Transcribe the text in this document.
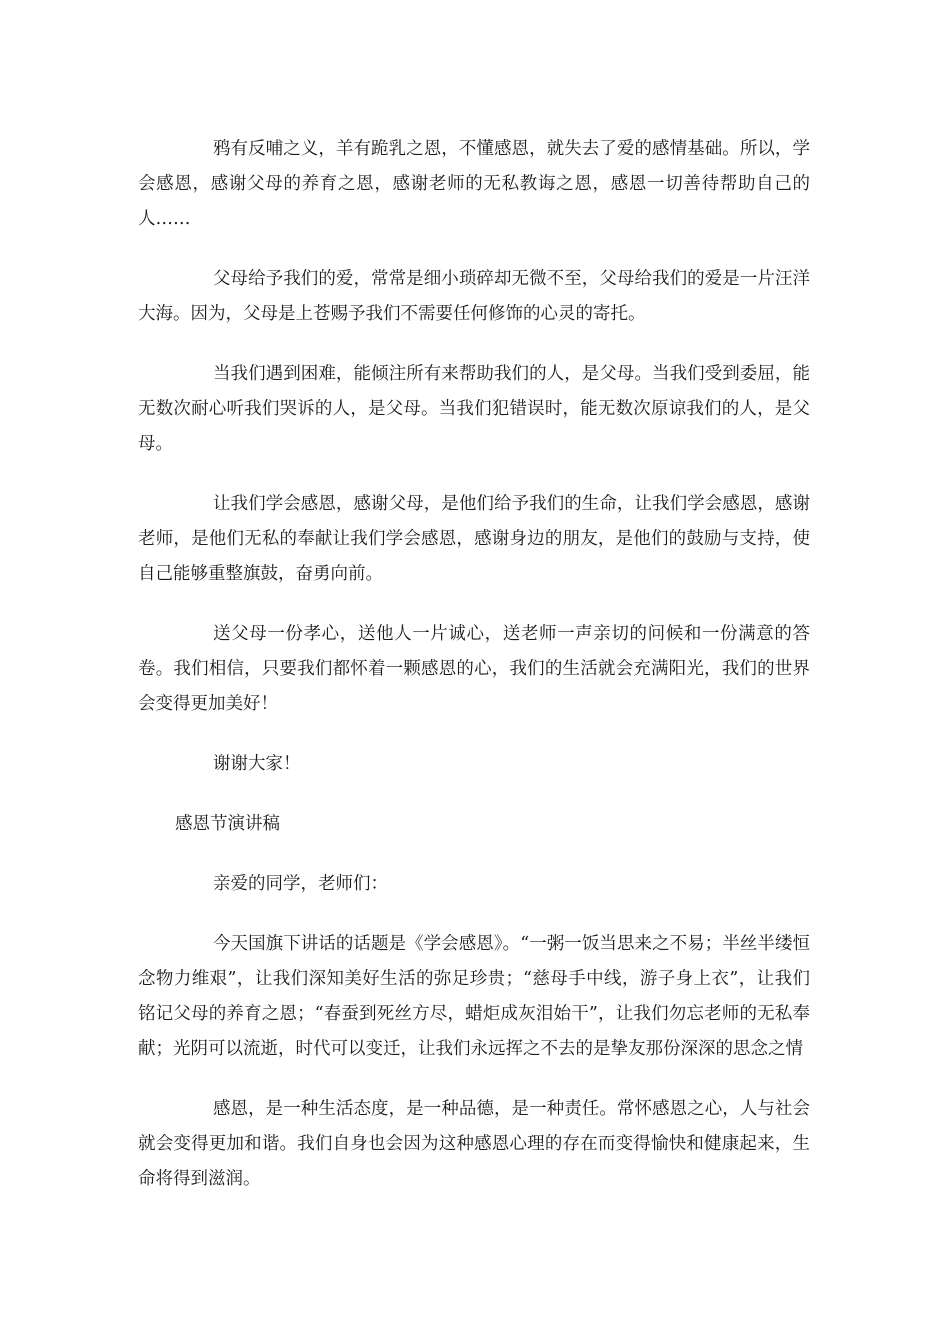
鸦有反哺之义，羊有跪乳之恩，不懂感恩，就失去了爱的感情基础。所以，学会感恩，感谢父母的养育之恩，感谢老师的无私教诲之恩，感恩一切善待帮助自己的人……

父母给予我们的爱，常常是细小琐碎却无微不至，父母给我们的爱是一片汪洋大海。因为，父母是上苍赐予我们不需要任何修饰的心灵的寄托。

当我们遇到困难，能倾注所有来帮助我们的人，是父母。当我们受到委屈，能无数次耐心听我们哭诉的人，是父母。当我们犯错误时，能无数次原谅我们的人，是父母。

让我们学会感恩，感谢父母，是他们给予我们的生命，让我们学会感恩，感谢老师，是他们无私的奉献让我们学会感恩，感谢身边的朋友，是他们的鼓励与支持，使自己能够重整旗鼓，奋勇向前。

送父母一份孝心，送他人一片诚心，送老师一声亲切的问候和一份满意的答卷。我们相信，只要我们都怀着一颗感恩的心，我们的生活就会充满阳光，我们的世界会变得更加美好！

谢谢大家！

感恩节演讲稿

亲爱的同学，老师们：

今天国旗下讲话的话题是《学会感恩》。“一粥一饭当思来之不易；半丝半缕恒念物力维艰”，让我们深知美好生活的弥足珍贵；“慈母手中线，游子身上衣”，让我们铭记父母的养育之恩；“春蚕到死丝方尽，蜡炬成灰泪始干”，让我们勿忘老师的无私奉献；光阴可以流逝，时代可以变迁，让我们永远挥之不去的是挚友那份深深的思念之情

感恩，是一种生活态度，是一种品德，是一种责任。常怀感恩之心，人与社会就会变得更加和谐。我们自身也会因为这种感恩心理的存在而变得愉快和健康起来，生命将得到滋润。
